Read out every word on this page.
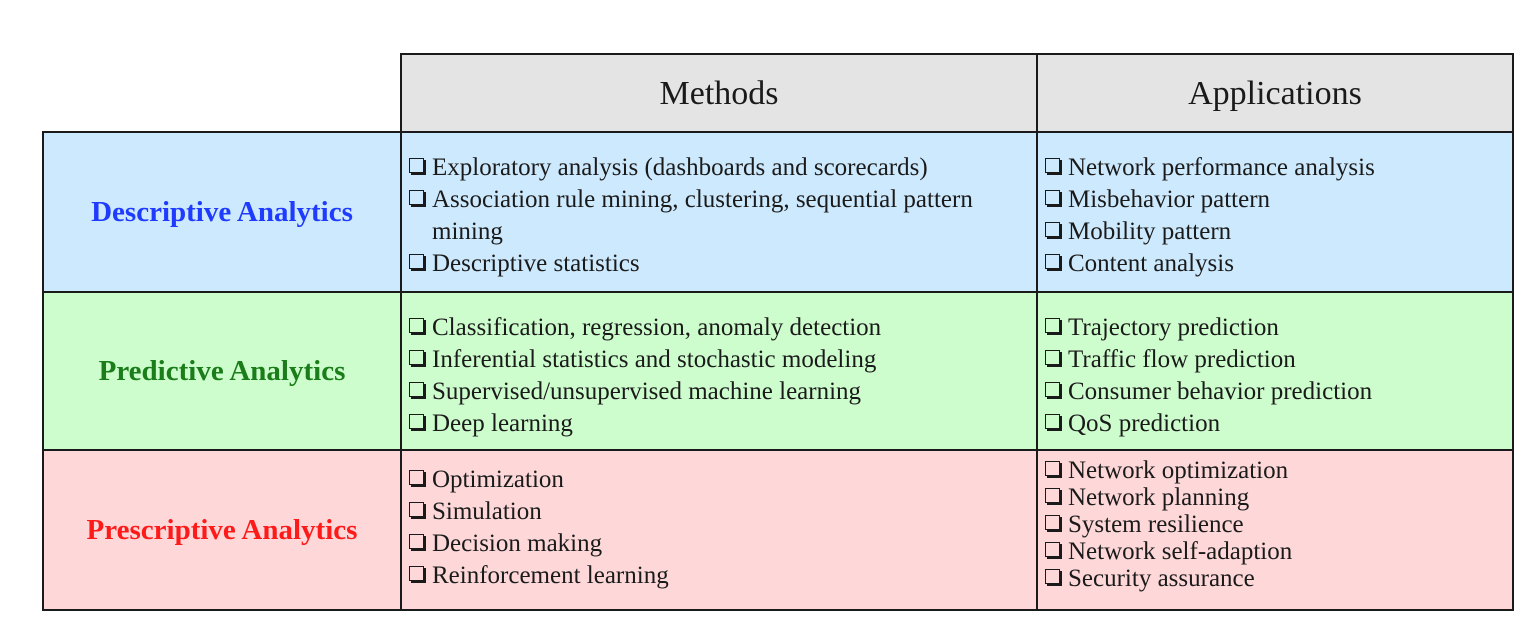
Methods	Applications
Descriptive Analytics
Exploratory analysis (dashboards and scorecards)
Association rule mining, clustering, sequential pattern mining
Descriptive statistics
Network performance analysis
Misbehavior pattern
Mobility pattern
Content analysis
Predictive Analytics
Classification, regression, anomaly detection
Inferential statistics and stochastic modeling
Supervised/unsupervised machine learning
Deep learning
Trajectory prediction
Traffic flow prediction
Consumer behavior prediction
QoS prediction
Prescriptive Analytics
Optimization
Simulation
Decision making
Reinforcement learning
Network optimization
Network planning
System resilience
Network self-adaption
Security assurance
